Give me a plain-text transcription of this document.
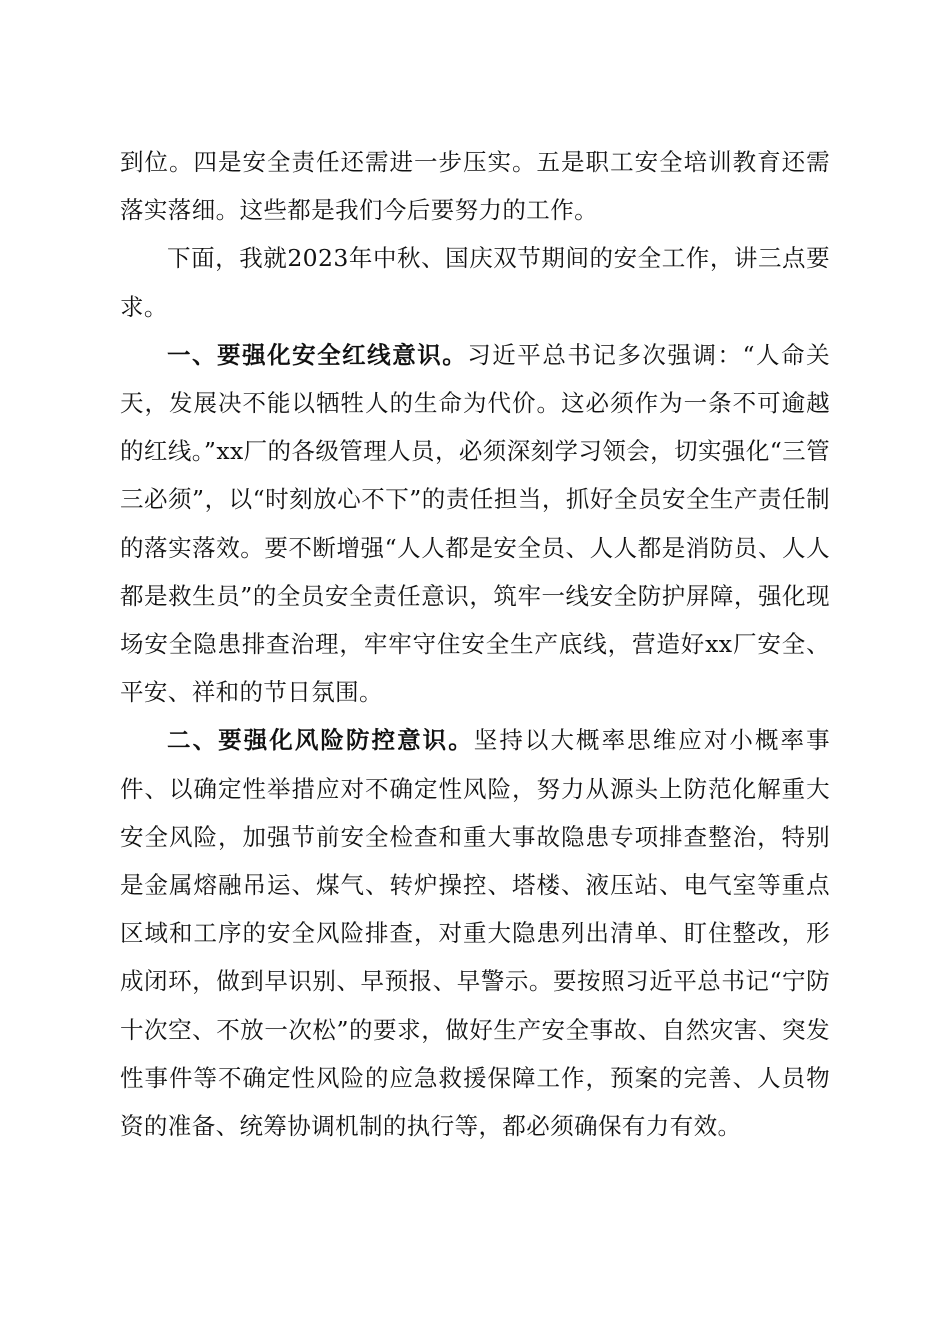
到位。四是安全责任还需进一步压实。五是职工安全培训教育还需落实落细。这些都是我们今后要努力的工作。

下面，我就2023年中秋、国庆双节期间的安全工作，讲三点要求。

一、要强化安全红线意识。习近平总书记多次强调：“人命关天，发展决不能以牺牲人的生命为代价。这必须作为一条不可逾越的红线。”xx厂的各级管理人员，必须深刻学习领会，切实强化“三管三必须”，以“时刻放心不下”的责任担当，抓好全员安全生产责任制的落实落效。要不断增强“人人都是安全员、人人都是消防员、人人都是救生员”的全员安全责任意识，筑牢一线安全防护屏障，强化现场安全隐患排查治理，牢牢守住安全生产底线，营造好xx厂安全、平安、祥和的节日氛围。

二、要强化风险防控意识。坚持以大概率思维应对小概率事件、以确定性举措应对不确定性风险，努力从源头上防范化解重大安全风险，加强节前安全检查和重大事故隐患专项排查整治，特别是金属熔融吊运、煤气、转炉操控、塔楼、液压站、电气室等重点区域和工序的安全风险排查，对重大隐患列出清单、盯住整改，形成闭环，做到早识别、早预报、早警示。要按照习近平总书记“宁防十次空、不放一次松”的要求，做好生产安全事故、自然灾害、突发性事件等不确定性风险的应急救援保障工作，预案的完善、人员物资的准备、统筹协调机制的执行等，都必须确保有力有效。
